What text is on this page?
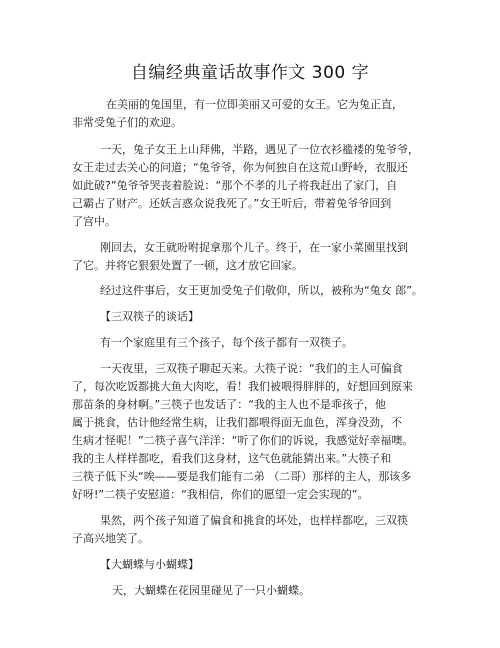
自编经典童话故事作文 300 字
在美丽的兔国里，有一位即美丽又可爱的女王。它为兔正直，
非常受兔子们的欢迎。
一天，兔子女王上山拜佛，半路，遇见了一位衣衫褴褛的兔爷爷，
女王走过去关心的问道；“兔爷爷，你为何独自在这荒山野岭，衣服还
如此破?”兔爷爷哭丧着脸说：“那个不孝的儿子将我赶出了家门，自
己霸占了财产。还妖言惑众说我死了。”女王听后，带着兔爷爷回到
了宫中。
刚回去，女王就吩咐捉拿那个儿子。终于，在一家小菜園里找到
了它。并将它狠狠处置了一顿，这才放它回家。
经过这件事后，女王更加受兔子们敬仰，所以，被称为“兔女 郎”。
【三双筷子的谈话】
有一个家庭里有三个孩子，每个孩子都有一双筷子。
一天夜里，三双筷子聊起天来。大筷子说：“我们的主人可偏食
了，每次吃饭都挑大鱼大肉吃，看！我们被喂得胖胖的，好想回到原来
那苗条的身材啊。”三筷子也发话了：“我的主人也不是乖孩子，他
属于挑食，估计他经常生病，让我们都喂得面无血色，浑身没劲，不
生病才怪呢！”二筷子喜气洋洋：“听了你们的诉说，我感觉好幸福噢。
我的主人样样都吃，看我们这身材，这气色就能猜出来。”大筷子和
三筷子低下头“唉——要是我们能有二弟 （二哥）那样的主人，那该多
好呀!”二筷子安慰道：“我相信，你们的愿望一定会实现的”。
果然，两个孩子知道了偏食和挑食的坏处，也样样都吃，三双筷
子高兴地笑了。
【大蝴蝶与小蝴蝶】
天，大蝴蝶在花园里碰见了一只小蝴蝶。
